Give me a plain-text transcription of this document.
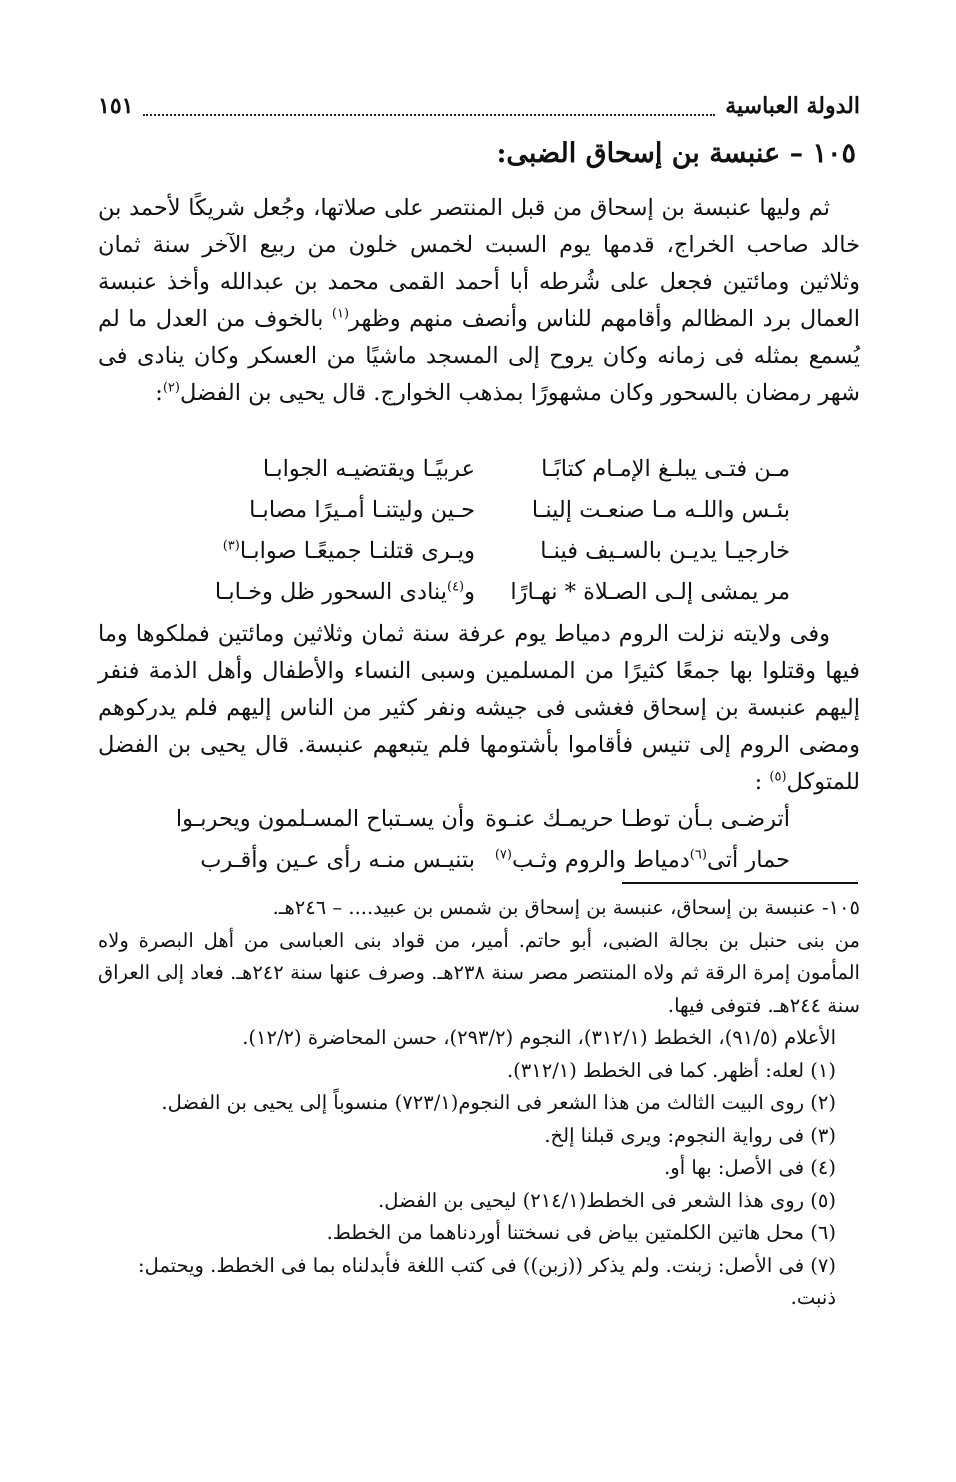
الدولة العباسية
١٥١
١٠٥ – عنبسة بن إسحاق الضبى:

ثم وليها عنبسة بن إسحاق من قبل المنتصر على صلاتها، وجُعل شريكًا لأحمد بن خالد صاحب الخراج، قدمها يوم السبت لخمس خلون من ربيع الآخر سنة ثمان وثلاثين ومائتين فجعل على شُرطه أبا أحمد القمى محمد بن عبدالله وأخذ عنبسة العمال برد المظالم وأقامهم للناس وأنصف منهم وظهر$^{(١)}$ بالخوف من العدل ما لم يُسمع بمثله فى زمانه وكان يروح إلى المسجد ماشيًا من العسكر وكان ينادى فى شهر رمضان بالسحور وكان مشهورًا بمذهب الخوارج. قال يحيى بن الفضل$^{(٢)}$:

مـن فتـى يبلـغ الإمـام كتابًـا
عربيًـا ويقتضيـه الجوابـا
بئـس واللـه مـا صنعـت إلينـا
حـين وليتنـا أمـيرًا مصابـا
خارجيـا يديـن بالسـيف فينـا
ويـرى قتلنـا جميعًـا صوابـا$^{(٣)}$
مر يمشى إلـى الصـلاة * نهـارًا
و$^{(٤)}$ينادى السحور ظل وخـابـا

وفى ولايته نزلت الروم دمياط يوم عرفة سنة ثمان وثلاثين ومائتين فملكوها وما فيها وقتلوا بها جمعًا كثيرًا من المسلمين وسبى النساء والأطفال وأهل الذمة فنفر إليهم عنبسة بن إسحاق فغشى فى جيشه ونفر كثير من الناس إليهم فلم يدركوهم ومضى الروم إلى تنيس فأقاموا بأشتومها فلم يتبعهم عنبسة. قال يحيى بن الفضل للمتوكل$^{(٥)}$ :

أترضـى بـأن توطـا حريمـك عنـوة
وأن يسـتباح المسـلمون ويحربـوا
حمار أتى$^{(٦)}$دمياط والروم وثـب$^{(٧)}$
بتنيـس منـه رأى عـين وأقـرب
١٠٥- عنبسة بن إسحاق، عنبسة بن إسحاق بن شمس بن عبيد.... – ٢٤٦هـ.
من بنى حنبل بن بجالة الضبى، أبو حاتم. أمير، من قواد بنى العباسى من أهل البصرة ولاه المأمون إمرة الرقة ثم ولاه المنتصر مصر سنة ٢٣٨هـ. وصرف عنها سنة ٢٤٢هـ. فعاد إلى العراق سنة ٢٤٤هـ. فتوفى فيها.
الأعلام (٩١/٥)، الخطط (٣١٢/١)، النجوم (٢٩٣/٢)، حسن المحاضرة (١٢/٢).
(١) لعله: أظهر. كما فى الخطط (٣١٢/١).
(٢) روى البيت الثالث من هذا الشعر فى النجوم(٧٢٣/١) منسوباً إلى يحيى بن الفضل.
(٣) فى رواية النجوم: ويرى قبلنا إلخ.
(٤) فى الأصل: بها أو.
(٥) روى هذا الشعر فى الخطط(٢١٤/١) ليحيى بن الفضل.
(٦) محل هاتين الكلمتين بياض فى نسختنا أوردناهما من الخطط.
(٧) فى الأصل: زبنت. ولم يذكر ((زبن)) فى كتب اللغة فأبدلناه بما فى الخطط. ويحتمل: ذنبت.
